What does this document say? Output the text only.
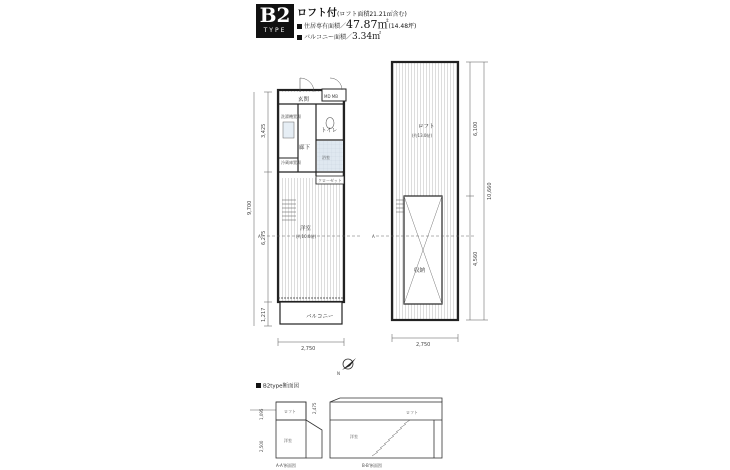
B2
TYPE
ロフト付(ロフト面積21.21㎡含む)
住居専有面積／47.87㎡(14.48坪)
バルコニー面積／3.34㎡
玄関
MD MB
トイレ
廊下
浴室
クローゼット
洗濯機置場
冷蔵庫置場
洋室
(約10.0帖)
バルコニー
A
3,425
9,700
6,275
1,217
2,750
ロフト
(約13.0帖)
収納
A
6,100
10,660
4,560
2,750
N
B2type断面図
ロフト
洋室
1,095
2,500
2,475
A-A'断面図
ロフト
洋室
B-B'断面図
